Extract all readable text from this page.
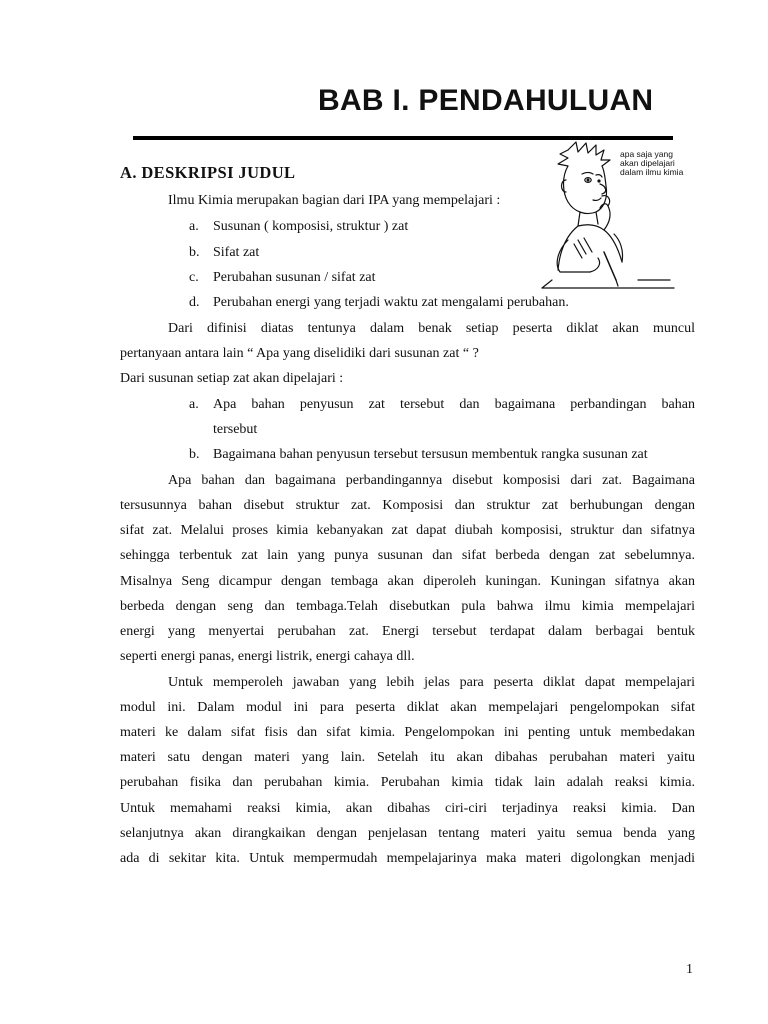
BAB I. PENDAHULUAN
A. DESKRIPSI JUDUL
apa saja yang
akan dipelajari
dalam ilmu kimia
Ilmu Kimia merupakan bagian dari IPA yang mempelajari :
a. Susunan ( komposisi, struktur ) zat
b. Sifat zat
c. Perubahan susunan / sifat zat
d. Perubahan energi yang terjadi waktu zat mengalami perubahan.
Dari difinisi diatas tentunya dalam benak setiap peserta diklat akan muncul
pertanyaan antara lain “ Apa yang diselidiki dari susunan zat “ ?
Dari susunan setiap zat akan dipelajari :
a. Apa bahan penyusun zat tersebut dan bagaimana perbandingan bahan
tersebut
b. Bagaimana bahan penyusun tersebut tersusun membentuk rangka susunan zat
Apa bahan dan bagaimana perbandingannya disebut komposisi dari zat. Bagaimana
tersusunnya bahan disebut struktur zat. Komposisi dan struktur zat berhubungan dengan
sifat zat. Melalui proses kimia kebanyakan zat dapat diubah komposisi, struktur dan sifatnya
sehingga terbentuk zat lain yang punya susunan dan sifat berbeda dengan zat sebelumnya.
Misalnya Seng dicampur dengan tembaga akan diperoleh kuningan. Kuningan sifatnya akan
berbeda dengan seng dan tembaga.Telah disebutkan pula bahwa ilmu kimia mempelajari
energi yang menyertai perubahan zat. Energi tersebut terdapat dalam berbagai bentuk
seperti energi panas, energi listrik, energi cahaya dll.
Untuk memperoleh jawaban yang lebih jelas para peserta diklat dapat mempelajari
modul ini. Dalam modul ini para peserta diklat akan mempelajari pengelompokan sifat
materi ke dalam sifat fisis dan sifat kimia. Pengelompokan ini penting untuk membedakan
materi satu dengan materi yang lain. Setelah itu akan dibahas perubahan materi yaitu
perubahan fisika dan perubahan kimia. Perubahan kimia tidak lain adalah reaksi kimia.
Untuk memahami reaksi kimia, akan dibahas ciri-ciri terjadinya reaksi kimia. Dan
selanjutnya akan dirangkaikan dengan penjelasan tentang materi yaitu semua benda yang
ada di sekitar kita. Untuk mempermudah mempelajarinya maka materi digolongkan menjadi
1
